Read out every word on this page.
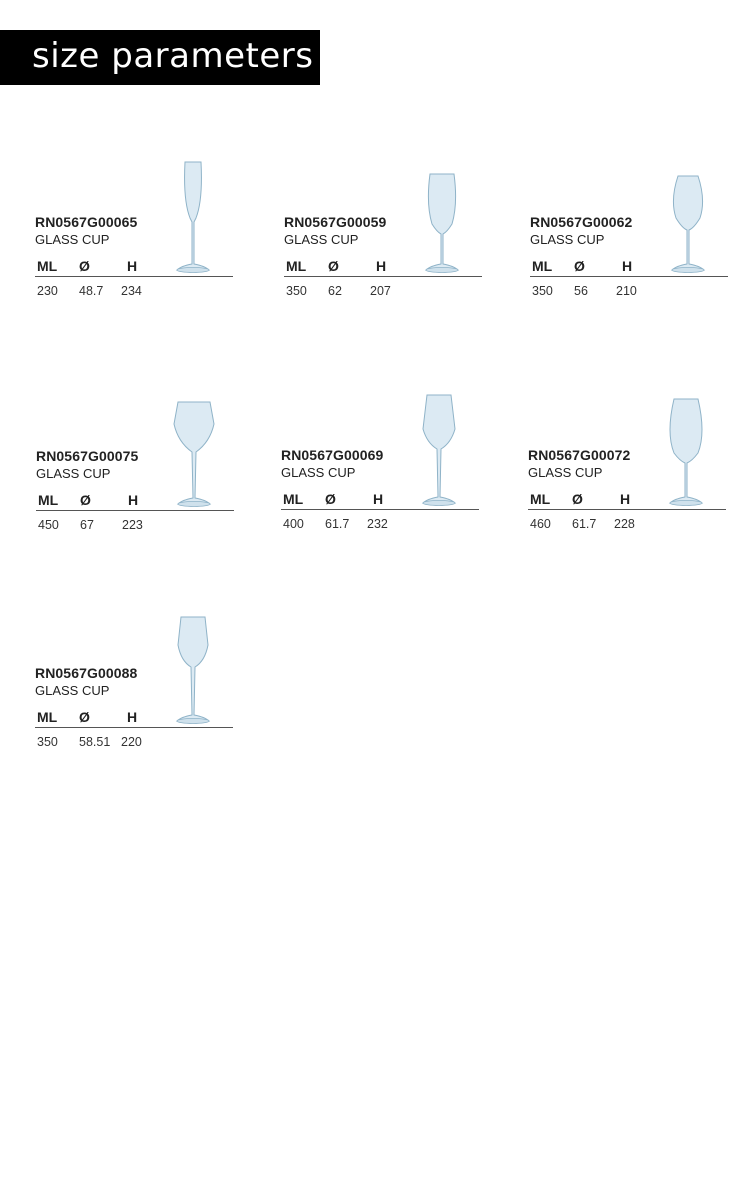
size parameters
RN0567G00065
GLASS CUP
ML Ø	H
230 48.7 234
RN0567G00059
GLASS CUP
ML Ø	H
350 62 207
RN0567G00062
GLASS CUP
ML Ø	H
350 56 210
RN0567G00075
GLASS CUP
ML Ø	H
450 67 223
RN0567G00069
GLASS CUP
ML Ø	H
400 61.7 232
RN0567G00072
GLASS CUP
ML Ø	H
460 61.7 228
RN0567G00088
GLASS CUP
ML Ø	H
350 58.51 220
